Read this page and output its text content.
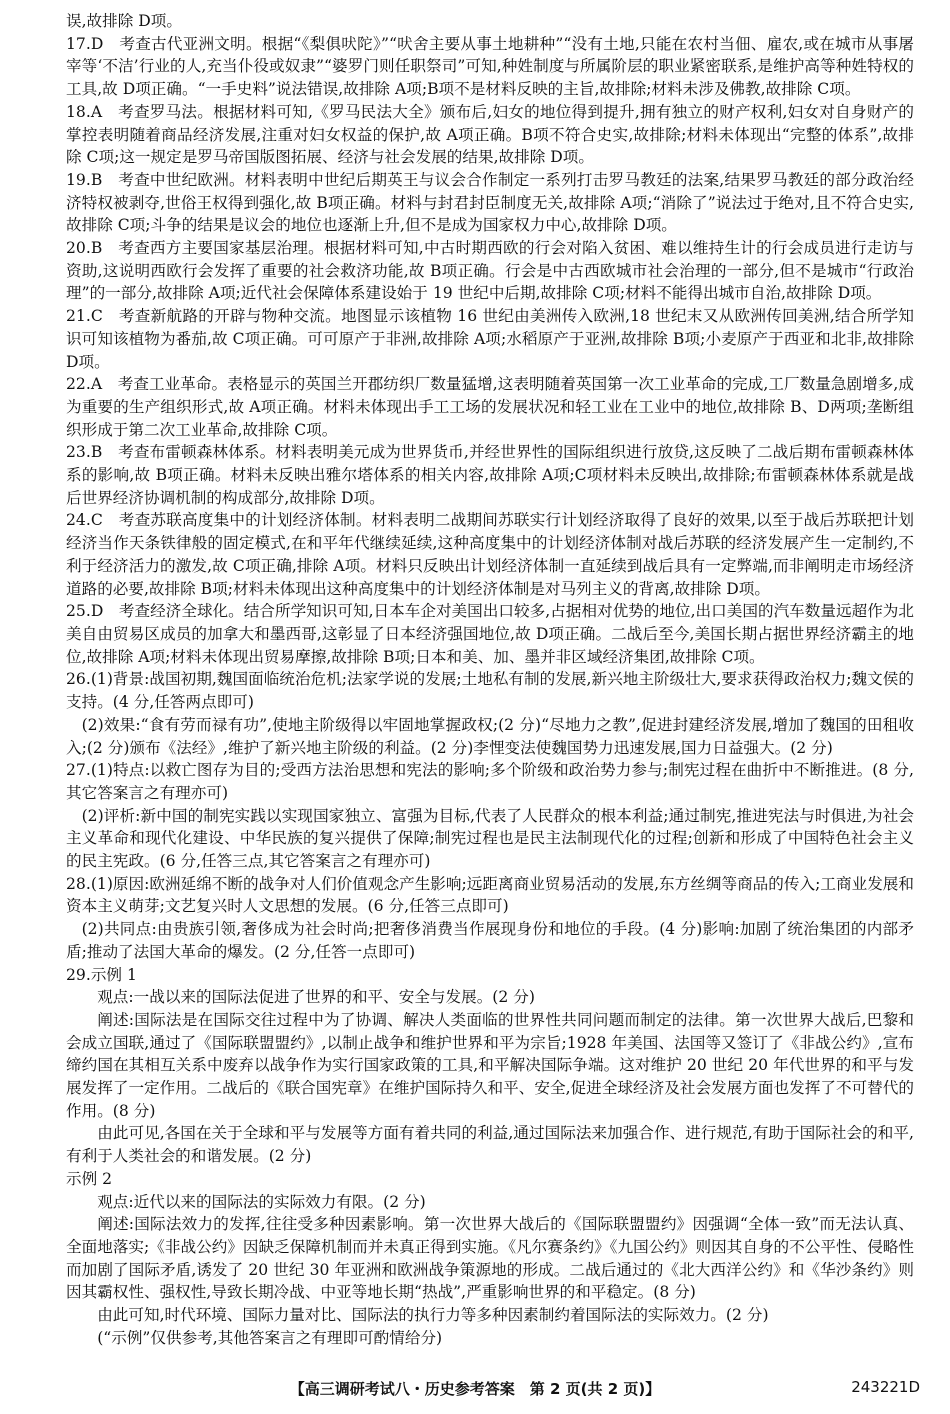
误,故排除 D项。

17.D　考查古代亚洲文明。根据“《梨俱吠陀》”“吠舍主要从事土地耕种”“没有土地,只能在农村当佃、雇农,或在城市从事屠宰等‘不洁’行业的人,充当仆役或奴隶”“婆罗门则任职祭司”可知,种姓制度与所属阶层的职业紧密联系,是维护高等种姓特权的工具,故 D项正确。“一手史料”说法错误,故排除 A项;B项不是材料反映的主旨,故排除;材料未涉及佛教,故排除 C项。

18.A　考查罗马法。根据材料可知,《罗马民法大全》颁布后,妇女的地位得到提升,拥有独立的财产权利,妇女对自身财产的掌控表明随着商品经济发展,注重对妇女权益的保护,故 A项正确。B项不符合史实,故排除;材料未体现出“完整的体系”,故排除 C项;这一规定是罗马帝国版图拓展、经济与社会发展的结果,故排除 D项。

19.B　考查中世纪欧洲。材料表明中世纪后期英王与议会合作制定一系列打击罗马教廷的法案,结果罗马教廷的部分政治经济特权被剥夺,世俗王权得到强化,故 B项正确。材料与封君封臣制度无关,故排除 A项;“消除了”说法过于绝对,且不符合史实,故排除 C项;斗争的结果是议会的地位也逐渐上升,但不是成为国家权力中心,故排除 D项。

20.B　考查西方主要国家基层治理。根据材料可知,中古时期西欧的行会对陷入贫困、难以维持生计的行会成员进行走访与资助,这说明西欧行会发挥了重要的社会救济功能,故 B项正确。行会是中古西欧城市社会治理的一部分,但不是城市“行政治理”的一部分,故排除 A项;近代社会保障体系建设始于 19 世纪中后期,故排除 C项;材料不能得出城市自治,故排除 D项。

21.C　考查新航路的开辟与物种交流。地图显示该植物 16 世纪由美洲传入欧洲,18 世纪末又从欧洲传回美洲,结合所学知识可知该植物为番茄,故 C项正确。可可原产于非洲,故排除 A项;水稻原产于亚洲,故排除 B项;小麦原产于西亚和北非,故排除 D项。

22.A　考查工业革命。表格显示的英国兰开郡纺织厂数量猛增,这表明随着英国第一次工业革命的完成,工厂数量急剧增多,成为重要的生产组织形式,故 A项正确。材料未体现出手工工场的发展状况和轻工业在工业中的地位,故排除 B、D两项;垄断组织形成于第二次工业革命,故排除 C项。

23.B　考查布雷顿森林体系。材料表明美元成为世界货币,并经世界性的国际组织进行放贷,这反映了二战后期布雷顿森林体系的影响,故 B项正确。材料未反映出雅尔塔体系的相关内容,故排除 A项;C项材料未反映出,故排除;布雷顿森林体系就是战后世界经济协调机制的构成部分,故排除 D项。

24.C　考查苏联高度集中的计划经济体制。材料表明二战期间苏联实行计划经济取得了良好的效果,以至于战后苏联把计划经济当作天条铁律般的固定模式,在和平年代继续延续,这种高度集中的计划经济体制对战后苏联的经济发展产生一定制约,不利于经济活力的激发,故 C项正确,排除 A项。材料只反映出计划经济体制一直延续到战后具有一定弊端,而非阐明走市场经济道路的必要,故排除 B项;材料未体现出这种高度集中的计划经济体制是对马列主义的背离,故排除 D项。

25.D　考查经济全球化。结合所学知识可知,日本车企对美国出口较多,占据相对优势的地位,出口美国的汽车数量远超作为北美自由贸易区成员的加拿大和墨西哥,这彰显了日本经济强国地位,故 D项正确。二战后至今,美国长期占据世界经济霸主的地位,故排除 A项;材料未体现出贸易摩擦,故排除 B项;日本和美、加、墨并非区域经济集团,故排除 C项。

26.(1)背景:战国初期,魏国面临统治危机;法家学说的发展;土地私有制的发展,新兴地主阶级壮大,要求获得政治权力;魏文侯的支持。(4 分,任答两点即可)

(2)效果:“食有劳而禄有功”,使地主阶级得以牢固地掌握政权;(2 分)“尽地力之教”,促进封建经济发展,增加了魏国的田租收入;(2 分)颁布《法经》,维护了新兴地主阶级的利益。(2 分)李悝变法使魏国势力迅速发展,国力日益强大。(2 分)

27.(1)特点:以救亡图存为目的;受西方法治思想和宪法的影响;多个阶级和政治势力参与;制宪过程在曲折中不断推进。(8 分,其它答案言之有理亦可)

(2)评析:新中国的制宪实践以实现国家独立、富强为目标,代表了人民群众的根本利益;通过制宪,推进宪法与时俱进,为社会主义革命和现代化建设、中华民族的复兴提供了保障;制宪过程也是民主法制现代化的过程;创新和形成了中国特色社会主义的民主宪政。(6 分,任答三点,其它答案言之有理亦可)

28.(1)原因:欧洲延绵不断的战争对人们价值观念产生影响;远距离商业贸易活动的发展,东方丝绸等商品的传入;工商业发展和资本主义萌芽;文艺复兴时人文思想的发展。(6 分,任答三点即可)

(2)共同点:由贵族引领,奢侈成为社会时尚;把奢侈消费当作展现身份和地位的手段。(4 分)影响:加剧了统治集团的内部矛盾;推动了法国大革命的爆发。(2 分,任答一点即可)

29.示例 1

观点:一战以来的国际法促进了世界的和平、安全与发展。(2 分)

阐述:国际法是在国际交往过程中为了协调、解决人类面临的世界性共同问题而制定的法律。第一次世界大战后,巴黎和会成立国联,通过了《国际联盟盟约》,以制止战争和维护世界和平为宗旨;1928 年美国、法国等又签订了《非战公约》,宣布缔约国在其相互关系中废弃以战争作为实行国家政策的工具,和平解决国际争端。这对维护 20 世纪 20 年代世界的和平与发展发挥了一定作用。二战后的《联合国宪章》在维护国际持久和平、安全,促进全球经济及社会发展方面也发挥了不可替代的作用。(8 分)

由此可见,各国在关于全球和平与发展等方面有着共同的利益,通过国际法来加强合作、进行规范,有助于国际社会的和平,有利于人类社会的和谐发展。(2 分)

示例 2

观点:近代以来的国际法的实际效力有限。(2 分)

阐述:国际法效力的发挥,往往受多种因素影响。第一次世界大战后的《国际联盟盟约》因强调“全体一致”而无法认真、全面地落实;《非战公约》因缺乏保障机制而并未真正得到实施。《凡尔赛条约》《九国公约》则因其自身的不公平性、侵略性而加剧了国际矛盾,诱发了 20 世纪 30 年亚洲和欧洲战争策源地的形成。二战后通过的《北大西洋公约》和《华沙条约》则因其霸权性、强权性,导致长期冷战、中亚等地长期“热战”,严重影响世界的和平稳定。(8 分)

由此可知,时代环境、国际力量对比、国际法的执行力等多种因素制约着国际法的实际效力。(2 分)

(“示例”仅供参考,其他答案言之有理即可酌情给分)

【高三调研考试八・历史参考答案　第 2 页(共 2 页)】	243221D
